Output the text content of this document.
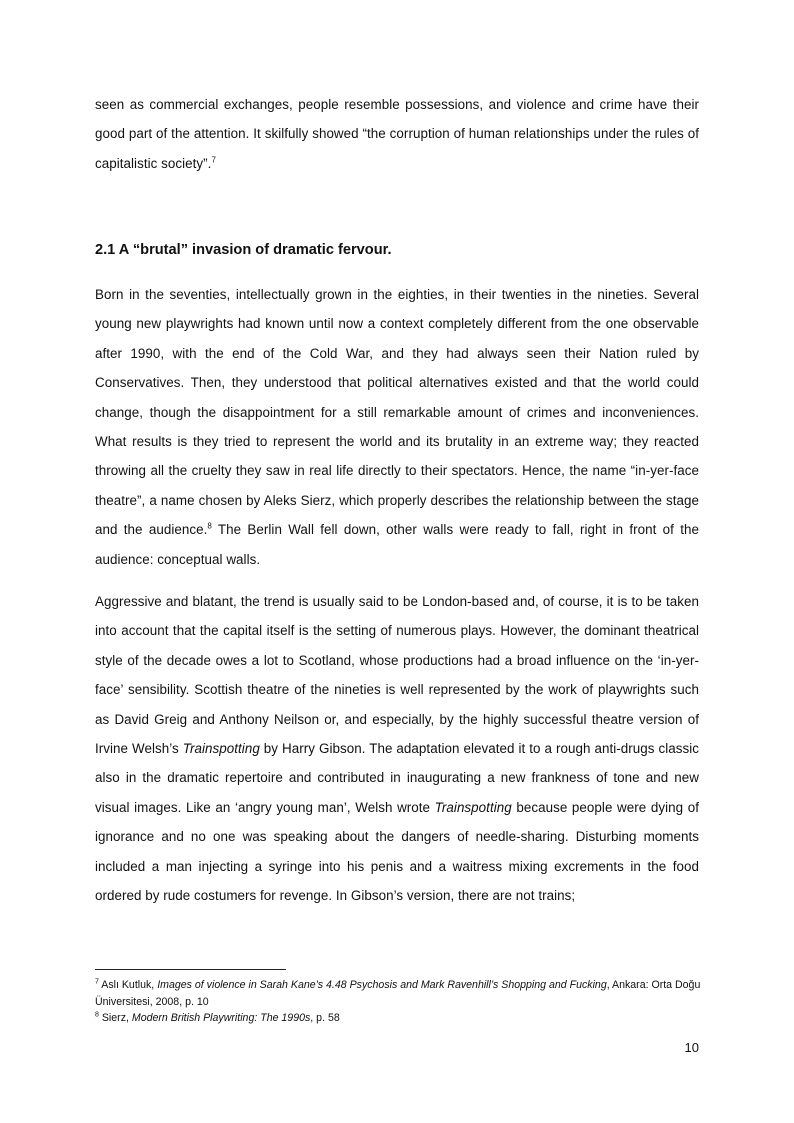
seen as commercial exchanges, people resemble possessions, and violence and crime have their good part of the attention. It skilfully showed “the corruption of human relationships under the rules of capitalistic society”.$^7$

2.1 A “brutal” invasion of dramatic fervour.

Born in the seventies, intellectually grown in the eighties, in their twenties in the nineties. Several young new playwrights had known until now a context completely different from the one observable after 1990, with the end of the Cold War, and they had always seen their Nation ruled by Conservatives. Then, they understood that political alternatives existed and that the world could change, though the disappointment for a still remarkable amount of crimes and inconveniences. What results is they tried to represent the world and its brutality in an extreme way; they reacted throwing all the cruelty they saw in real life directly to their spectators. Hence, the name “in-yer-face theatre”, a name chosen by Aleks Sierz, which properly describes the relationship between the stage and the audience.$^8$ The Berlin Wall fell down, other walls were ready to fall, right in front of the audience: conceptual walls.

Aggressive and blatant, the trend is usually said to be London-based and, of course, it is to be taken into account that the capital itself is the setting of numerous plays. However, the dominant theatrical style of the decade owes a lot to Scotland, whose productions had a broad influence on the ‘in-yer-face’ sensibility. Scottish theatre of the nineties is well represented by the work of playwrights such as David Greig and Anthony Neilson or, and especially, by the highly successful theatre version of Irvine Welsh’s Trainspotting by Harry Gibson. The adaptation elevated it to a rough anti-drugs classic also in the dramatic repertoire and contributed in inaugurating a new frankness of tone and new visual images. Like an ‘angry young man’, Welsh wrote Trainspotting because people were dying of ignorance and no one was speaking about the dangers of needle-sharing. Disturbing moments included a man injecting a syringe into his penis and a waitress mixing excrements in the food ordered by rude costumers for revenge. In Gibson’s version, there are not trains;

$^7$ Aslı Kutluk, Images of violence in Sarah Kane’s 4.48 Psychosis and Mark Ravenhill’s Shopping and Fucking, Ankara: Orta Doğu Üniversitesi, 2008, p. 10

$^8$ Sierz, Modern British Playwriting: The 1990s, p. 58

10
